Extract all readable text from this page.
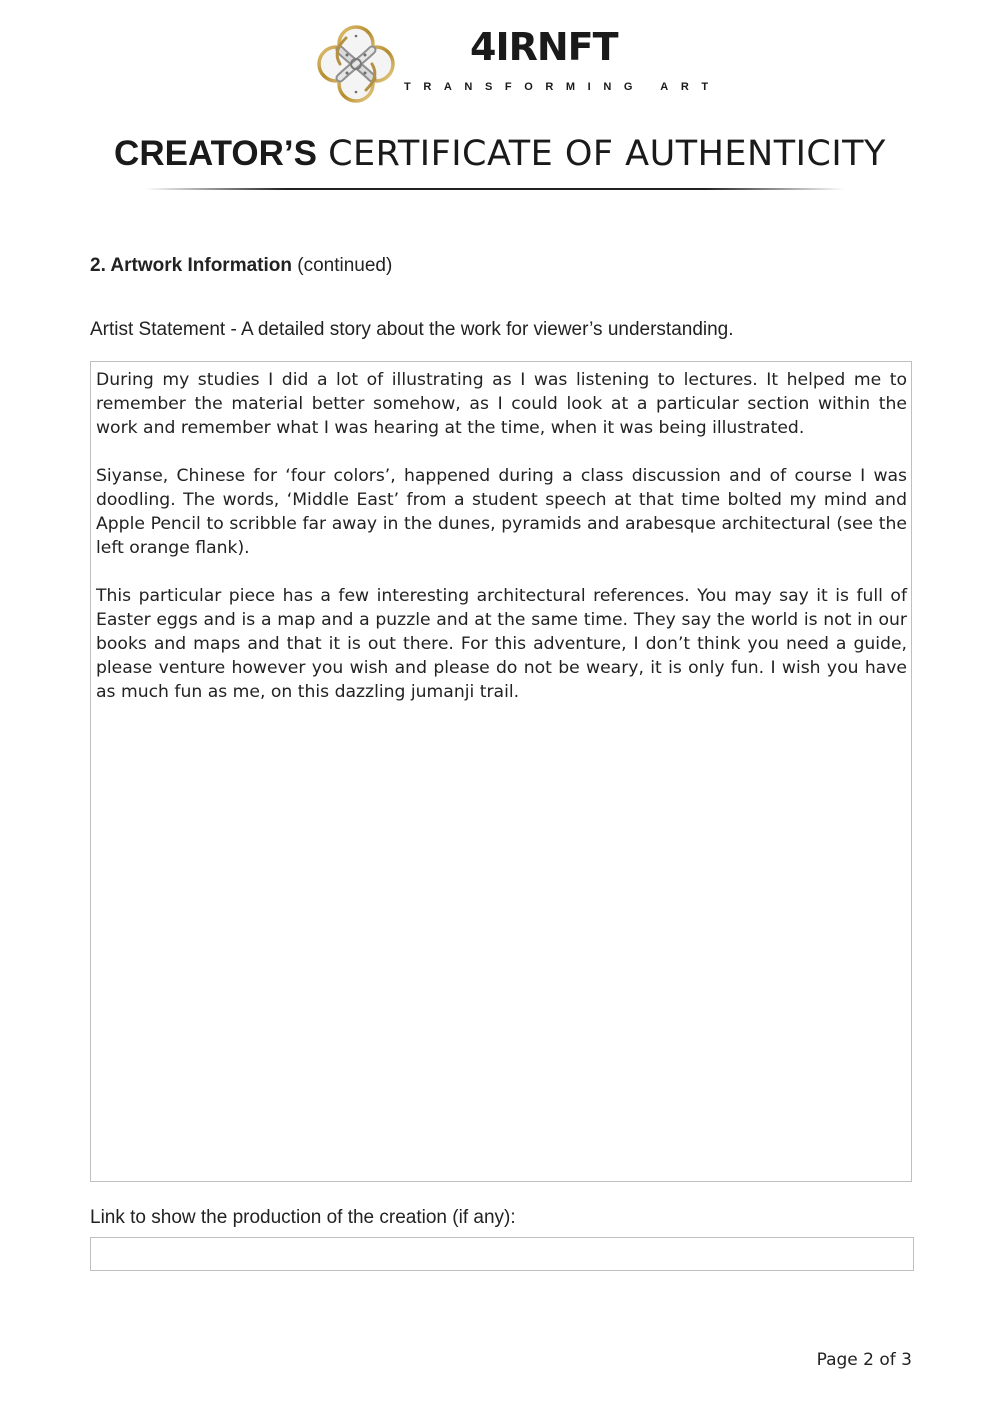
4IRNFT
TRANSFORMING ART
CREATOR’S CERTIFICATE OF AUTHENTICITY
2. Artwork Information (continued)
Artist Statement - A detailed story about the work for viewer’s understanding.

During my studies I did a lot of illustrating as I was listening to lectures. It helped me to remember the material better somehow, as I could look at a particular section within the work and remember what I was hearing at the time, when it was being illustrated.

Siyanse, Chinese for ‘four colors’, happened during a class discussion and of course I was doodling. The words, ‘Middle East’ from a student speech at that time bolted my mind and Apple Pencil to scribble far away in the dunes, pyramids and arabesque architectural (see the left orange flank).

This particular piece has a few interesting architectural references. You may say it is full of Easter eggs and is a map and a puzzle and at the same time. They say the world is not in our books and maps and that it is out there. For this adventure, I don’t think you need a guide, please venture however you wish and please do not be weary, it is only fun. I wish you have as much fun as me, on this dazzling jumanji trail.

Link to show the production of the creation (if any):
Page 2 of 3
